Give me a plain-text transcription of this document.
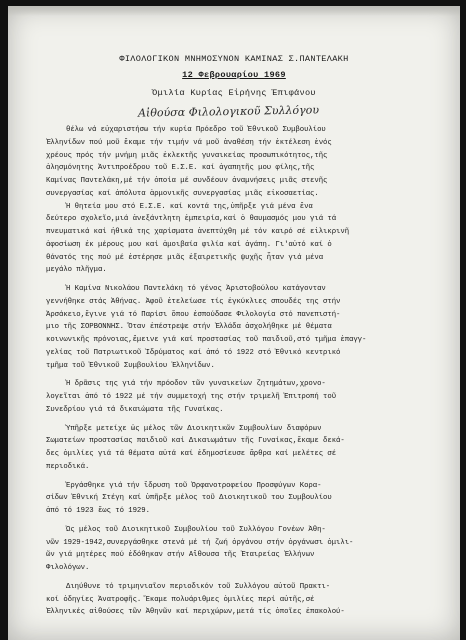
ΦΙΛΟΛΟΓΙΚΟΝ ΜΝΗΜΟΣΥΝΟΝ ΚΑΜΙΝΑΣ Σ.ΠΑΝΤΕΛΑΚΗ
12 Φεβρουαρίου 1969
Ὁμιλία Κυρίας Εἰρήνης Ἐπιφάνου
Αἰθούσα Φιλολογικοῦ Συλλόγου
θέλω νά εὐχαριστήσω τήν κυρία Πρόεδρο τοῦ Ἐθνικοῦ Συμβουλίου
Ἑλληνίδων πού μοῦ ἔκαμε τήν τιμήν νά μοῦ ἀναθέση τήν ἐκτέλεση ἑνός
χρέους πρός τήν μνήμη μιᾶς ἐκλεκτῆς γυναικείας προσωπικότητος,τῆς
ἀλησμόνητης Ἀντιπροέδρου τοῦ Ε.Σ.Ε. καί ἀγαπητῆς μου φίλης,τῆς
Καμίνας Παντελάκη,μέ τήν ὁποία μέ συνδέουν ἀναμνήσεις μιᾶς στενῆς
συνεργασίας καί ἀπόλυτα ἁρμονικῆς συνεργασίας μιᾶς εἰκοσαετίας.
Ἡ θητεία μου στό Ε.Σ.Ε. καί κοντά της,ὑπῆρξε γιά μένα ἕνα
δεύτερο σχολεῖο,μιά ἀνεξάντλητη ἐμπειρία,καί ὁ θαυμασμός μου γιά τά
πνευματικά καί ἠθικά της χαρίσματα ἀνεπτύχθη μέ τόν καιρό σέ εἰλικρινῆ
ἀφοσίωση ἐκ μέρους μου καί ἀμοιβαία φιλία καί ἀγάπη. Γι'αὐτό καί ὁ
θάνατός της πού μέ ἐστέρησε μιᾶς ἐξαιρετικῆς ψυχῆς ἦταν γιά μένα
μεγάλο πλῆγμα.
Ἡ Καμίνα Νικολάου Παντελάκη τό γένος Ἀριστοβούλου κατάγονταν
γεννήθηκε στάς Ἀθήνας. Ἀφοῦ ἐτελείωσε τίς ἐγκύκλιες σπουδές της στήν
Ἀρσάκειο,ἔγινε γιά τό Παρίσι ὅπου ἐσπούδασε Φιλολογία στό πανεπιστή-
μιο τῆς ΣΟΡΒΟΝΝΗΣ. Ὅταν ἐπέστρεψε στήν Ἑλλάδα ἀσχολήθηκε μέ θέματα
κοινωνικῆς πρόνοιας,ἔμεινε γιά καί προστασίας τοῦ παιδιοῦ,στό τμῆμα ἐπαγγ-
γελίας τοῦ Πατριωτικοῦ Ἱδρύματος καί ἀπό τό 1922 στό Ἐθνικό κεντρικό
τμῆμα τοῦ Ἐθνικοῦ Συμβουλίου Ἑλληνίδων.
Ἡ δρᾶσις της γιά τήν πρόοδον τῶν γυναικείων ζητημάτων,χρονο-
λογεῖται ἀπό τό 1922 μέ τήν συμμετοχή της στήν τριμελῆ Ἐπιτροπή τοῦ
Συνεδρίου γιά τά δικαιώματα τῆς Γυναίκας.
Ὑπῆρξε μετείχε ὡς μέλος τῶν Διοικητικῶν Συμβουλίων διαφόρων
Σωματείων προστασίας παιδιοῦ καί Δικαιωμάτων τῆς Γυναίκας,ἔκαμε δεκά-
δες ὁμιλίες γιά τά θέματα αὐτά καί ἐδημοσίευσε ἄρθρα καί μελέτες σέ
περιοδικά.
Ἐργάσθηκε γιά τήν ἵδρυση τοῦ Ὀρφανοτροφείου Προσφύγων Κορα-
σίδων Ἐθνική Στέγη καί ὑπῆρξε μέλος τοῦ Διοικητικοῦ του Συμβουλίου
ἀπό τό 1923 ἕως τό 1929.
Ὡς μέλος τοῦ Διοικητικοῦ Συμβουλίου τοῦ Συλλόγου Γονέων Ἀθη-
νῶν 1929-1942,συνεργάσθηκε στενά μέ τή ζωή ὀργάνου στήν ὀργάνωσι ὁμιλι-
ῶν γιά μητέρες πού ἐδόθηκαν στήν Αἴθουσα τῆς Ἑταιρείας Ἑλλήνων
Φιλολόγων.
Διηύθυνε τό τριμηνιαῖον περιοδικόν τοῦ Συλλόγου αὐτοῦ Πρακτι-
κοί ὁδηγίες Ἀνατροφῆς. Ἔκαμε πολυάριθμες ὁμιλίες περί αὐτῆς,σέ
Ἑλληνικές αἰθούσες τῶν Ἀθηνῶν καί περιχώρων,μετά τίς ὁποῖες ἐπακολού-
